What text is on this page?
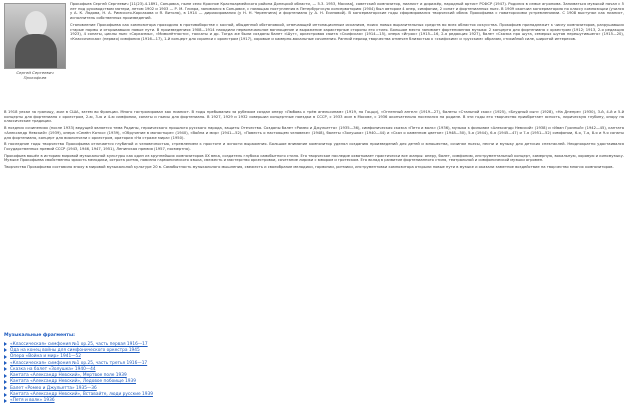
Сергей Сергеевич
Прокофьев

Прокофьев Сергей Сергеевич [11(23).4.1891, Сонцовка, ныне село Красное Красноармейского района Донецкой области, — 5.3. 1953, Москва], советский композитор, пианист и дирижёр, народный артист РСФСР (1947). Родился в семье агронома. Заниматься музыкой начал с 5 лет под руководством матери, летом 1902 и 1903 — Р. М. Глиэра, занимался в Сонцовке, с помощью поступления в Петербургскую консерваторию (1904) был автором 4 опер, симфонии, 2 сонат и фортепианных пьес. В 1909 окончил консерваторию по классу композиции (учился у А. К. Лядова, Н. А. Римского-Корсакова и Я. Витола), в 1914 — дирижирования (у Н. Н. Черепнина) и фортепиано (у А. Н. Есиповой). В консерваторские годы сформировался творческий облик Прокофьева с новаторскими устремлениями. С 1908 выступал как пианист, исполнитель собственных произведений.

Становление Прокофьева как композитора проходило в противоборстве с косной, обыденной обстановкой, отвечающей интонационным исканиям, поиск новых выразительных средств во всех областях искусства. Прокофьев принадлежит к числу композиторов, разрушавших старые нормы и открывавших новые пути. В произведениях 1908—1914 находили первоначальное воплощение и выражение характерные стороны его стиля. Большое место занимает фортепианная музыка: 2 концерта для фортепиано с оркестром (1912; 1913, 2-я редакция 1923), 4 сонаты, циклы пьес «Сарказмы», «Мимолётности», токкаты и др. Тогда же были созданы балет «Шут», оркестровая сюита «Скифская» (1914—15), опера «Игрок» (1915—16, 2-я редакция 1927), балет «Сказка про шута, семерых шутов перешутившего» (1915—20), «Классическая» (первая) симфония (1916—17), 1-й концерт для скрипки с оркестром (1917), хоровые и камерно-вокальные сочинения. Ранний период творчества отмечен близостью к «скифским» и «русским» образам, стихийной силе, широтой интересов.

В 1918 уехал за границу, жил в США, затем во Франции. Много гастролировал как пианист. В годы пребывания за рубежом создал оперу «Любовь к трём апельсинам» (1919, по Гоцци), «Огненный ангел» (1919—27), балеты «Стальной скок» (1925), «Блудный сын» (1928), «На Днепре» (1930), 3-й, 4-й и 5-й концерты для фортепиано с оркестром, 2-ю, 3-ю и 4-ю симфонии, сонаты и пьесы для фортепиано. В 1927, 1929 и 1932 совершил концертные поездки в СССР, с 1933 жил в Москве, с 1936 окончательно поселился на родине. В эти годы его творчество приобретает ясность, лирическую глубину, опору на классические традиции.

В поздних сочинениях (после 1933) ведущей является тема Родины, героического прошлого русского народа, защиты Отечества. Созданы балет «Ромео и Джульетта» (1935—36), симфоническая сказка «Петя и волк» (1936), музыка к фильмам «Александр Невский» (1938) и «Иван Грозный» (1942—45), кантата «Александр Невский» (1939), опера «Семён Котко» (1939), «Обручение в монастыре» (1940), «Война и мир» (1941—52), «Повесть о настоящем человеке» (1948), балеты «Золушка» (1940—44) и «Сказ о каменном цветке» (1948—50), 5-я (1944), 6-я (1945—47) и 7-я (1951—52) симфонии, 6-я, 7-я, 8-я и 9-я сонаты для фортепиано, концерт для виолончели с оркестром, оратория «На страже мира» (1950).

В последние годы творчество Прокофьева отличается глубиной и человечностью, стремлением к простоте и ясности выражения. Большое внимание композитор уделял созданию произведений для детей и юношества, сочинял пьесы, песни и музыку для детских спектаклей. Неоднократно удостаивался Государственных премий СССР (1943, 1946, 1947, 1951), Ленинская премия (1957, посмертно).

Прокофьев вошёл в историю мировой музыкальной культуры как один из крупнейших композиторов XX века, создатель глубоко самобытного стиля. Его творческое наследие охватывает практически все жанры: оперу, балет, симфонию, инструментальный концерт, камерную, вокальную, хоровую и киномузыку. Музыке Прокофьева свойственны яркость мелодики, острота ритма, новизна гармонического языка, свежесть и мастерство оркестровки, сочетание лирики с юмором и гротеском. Его вклад в развитие фортепианного стиля, театральной и симфонической музыки огромен.

Творчество Прокофьева составило эпоху в мировой музыкальной культуре 20 в. Самобытность музыкального мышления, свежесть и своеобразие мелодики, гармонии, ритмики, инструментовки композитора открыли новые пути в музыке и оказали заметное воздействие на творчество многих композиторов.

Музыкальные фрагменты:
«Классическая» симфония №1 ор.25, часть первая 1916—17
Ода на конец войны для симфонического оркестра 1945
Опера «Война и мир» 1941—52
«Классическая» симфония №1 ор.25, часть третья 1916—17
Сказка на балет «Золушка» 1940—44
Кантата «Александр Невский», Мертвое поле 1939
Кантата «Александр Невский», Ледовое побоище 1939
Балет «Ромео и Джульетта» 1935—36
Кантата «Александр Невский», Вставайте, люди русские 1939
«Петя и волк» 1936
